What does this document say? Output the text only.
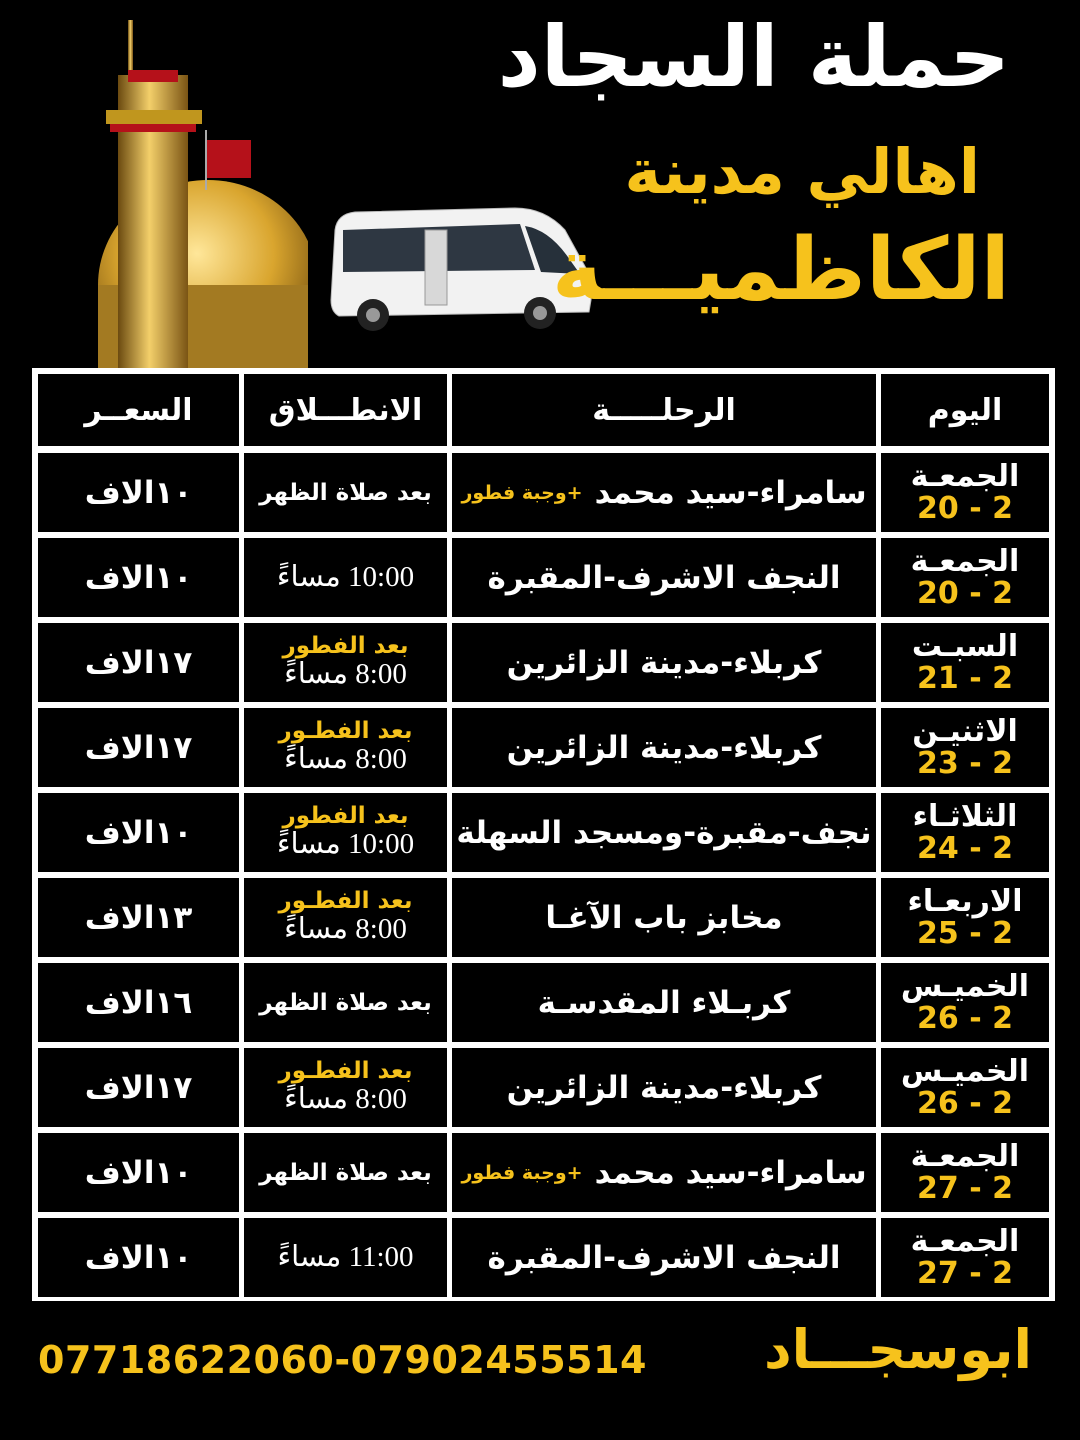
حملة السجاد
اهالي مدينة
الكاظميـــة
اليوم
الرحلـــــة
الانطـــلاق
السعــر
الجمعـة
20 - 2
سامراء-سيد محمد
+وجبة فطور
بعد صلاة الظهر
١٠الاف
الجمعـة
20 - 2
النجف الاشرف-المقبرة
10:00 مساءً
١٠الاف
السبـت
21 - 2
كربلاء-مدينة الزائرين
بعد الفطور
8:00 مساءً
١٧الاف
الاثنيـن
23 - 2
كربلاء-مدينة الزائرين
بعد الفطـور
8:00 مساءً
١٧الاف
الثلاثـاء
24 - 2
نجف-مقبرة-ومسجد السهلة
بعد الفطور
10:00 مساءً
١٠الاف
الاربعـاء
25 - 2
مخابز باب الآغـا
بعد الفطـور
8:00 مساءً
١٣الاف
الخميـس
26 - 2
كربـلاء المقدسـة
بعد صلاة الظهر
١٦الاف
الخميـس
26 - 2
كربلاء-مدينة الزائرين
بعد الفطـور
8:00 مساءً
١٧الاف
الجمعـة
27 - 2
سامراء-سيد محمد
+وجبة فطور
بعد صلاة الظهر
١٠الاف
الجمعـة
27 - 2
النجف الاشرف-المقبرة
11:00 مساءً
١٠الاف
ابوسجـــاد
07718622060-07902455514
